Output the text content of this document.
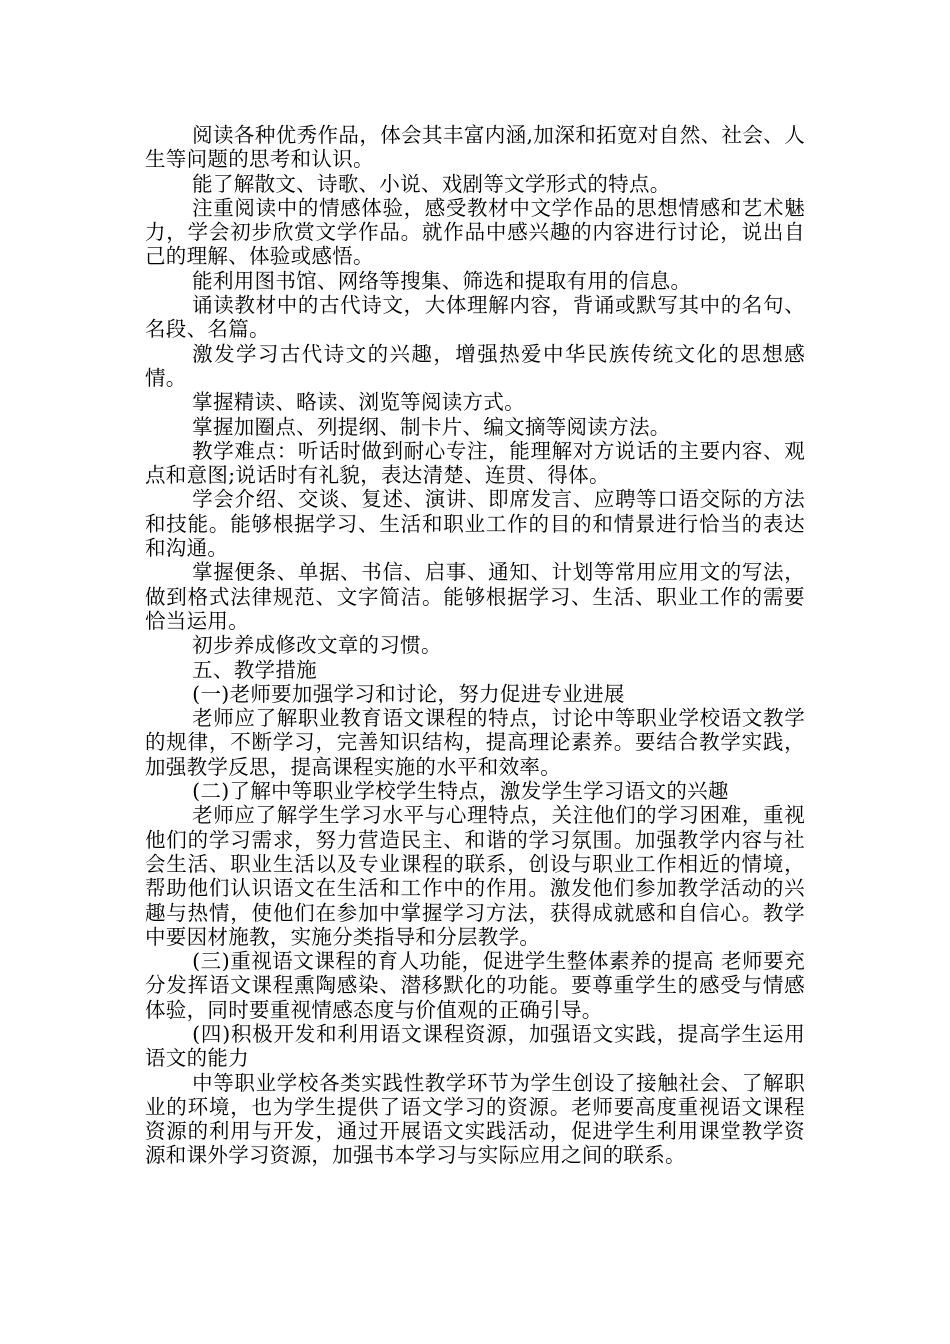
阅读各种优秀作品，体会其丰富内涵,加深和拓宽对自然、社会、人生等问题的思考和认识。

能了解散文、诗歌、小说、戏剧等文学形式的特点。

注重阅读中的情感体验，感受教材中文学作品的思想情感和艺术魅力，学会初步欣赏文学作品。就作品中感兴趣的内容进行讨论，说出自己的理解、体验或感悟。

能利用图书馆、网络等搜集、筛选和提取有用的信息。

诵读教材中的古代诗文，大体理解内容，背诵或默写其中的名句、名段、名篇。

激发学习古代诗文的兴趣，增强热爱中华民族传统文化的思想感情。

掌握精读、略读、浏览等阅读方式。

掌握加圈点、列提纲、制卡片、编文摘等阅读方法。

教学难点：听话时做到耐心专注，能理解对方说话的主要内容、观点和意图;说话时有礼貌，表达清楚、连贯、得体。

学会介绍、交谈、复述、演讲、即席发言、应聘等口语交际的方法和技能。能够根据学习、生活和职业工作的目的和情景进行恰当的表达和沟通。

掌握便条、单据、书信、启事、通知、计划等常用应用文的写法，做到格式法律规范、文字简洁。能够根据学习、生活、职业工作的需要恰当运用。

初步养成修改文章的习惯。

五、教学措施

(一)老师要加强学习和讨论，努力促进专业进展

老师应了解职业教育语文课程的特点，讨论中等职业学校语文教学的规律，不断学习，完善知识结构，提高理论素养。要结合教学实践，加强教学反思，提高课程实施的水平和效率。

(二)了解中等职业学校学生特点，激发学生学习语文的兴趣

老师应了解学生学习水平与心理特点，关注他们的学习困难，重视他们的学习需求，努力营造民主、和谐的学习氛围。加强教学内容与社会生活、职业生活以及专业课程的联系，创设与职业工作相近的情境，帮助他们认识语文在生活和工作中的作用。激发他们参加教学活动的兴趣与热情，使他们在参加中掌握学习方法，获得成就感和自信心。教学中要因材施教，实施分类指导和分层教学。

(三)重视语文课程的育人功能，促进学生整体素养的提高 老师要充分发挥语文课程熏陶感染、潜移默化的功能。要尊重学生的感受与情感体验，同时要重视情感态度与价值观的正确引导。

(四)积极开发和利用语文课程资源，加强语文实践，提高学生运用语文的能力

中等职业学校各类实践性教学环节为学生创设了接触社会、了解职业的环境，也为学生提供了语文学习的资源。老师要高度重视语文课程资源的利用与开发，通过开展语文实践活动，促进学生利用课堂教学资源和课外学习资源，加强书本学习与实际应用之间的联系。
